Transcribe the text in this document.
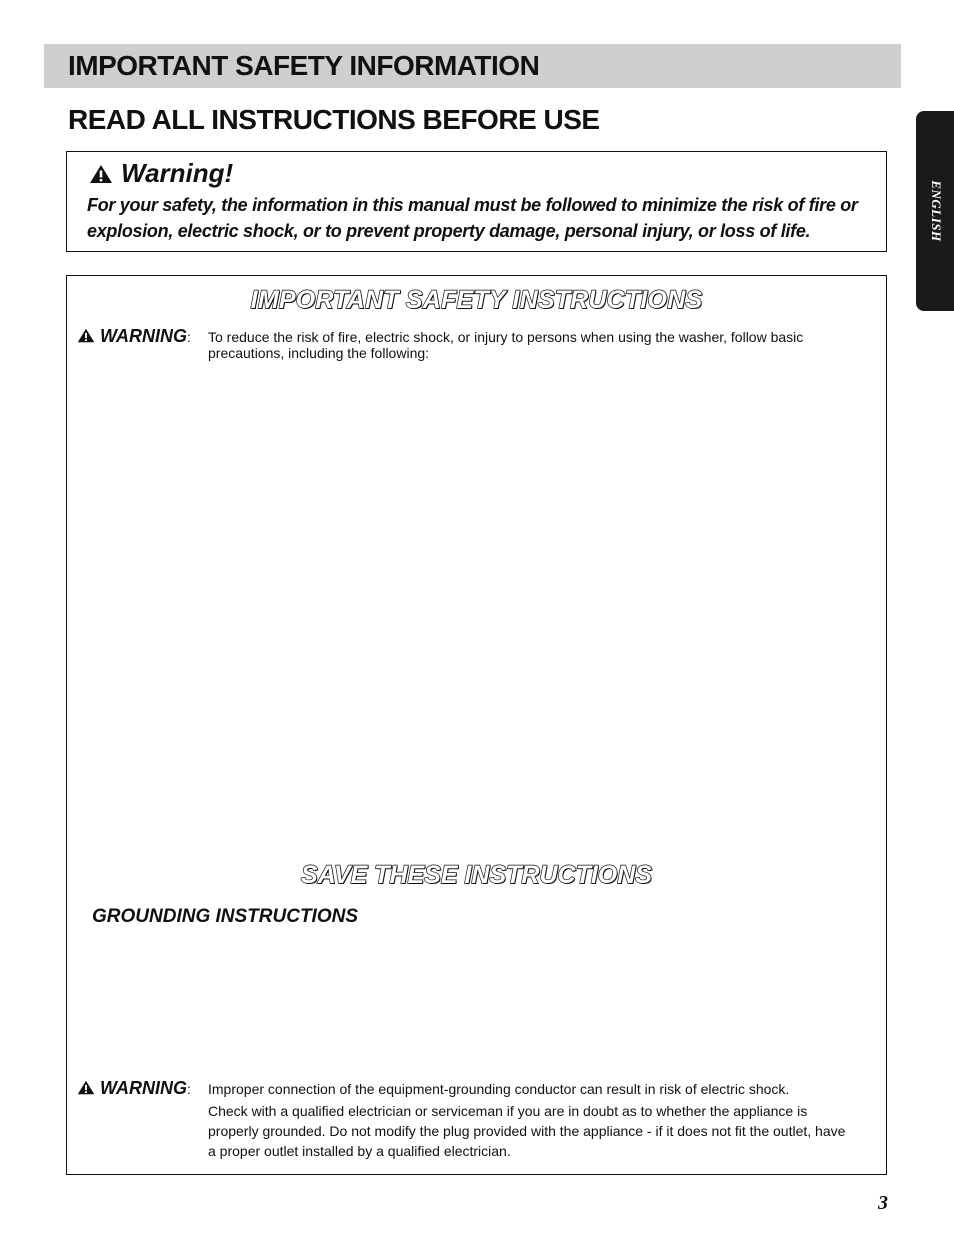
IMPORTANT SAFETY INFORMATION
READ ALL INSTRUCTIONS BEFORE USE
ENGLISH
Warning!
For your safety, the information in this manual must be followed to minimize the risk of fire or explosion, electric shock, or to prevent property damage, personal injury, or loss of life.
IMPORTANT SAFETY INSTRUCTIONS
WARNING:	To reduce the risk of fire, electric shock, or injury to persons when using the washer, follow basic precautions, including the following:
SAVE THESE INSTRUCTIONS
GROUNDING INSTRUCTIONS
WARNING:	Improper connection of the equipment-grounding conductor can result in risk of electric shock.
Check with a qualified electrician or serviceman if you are in doubt as to whether the appliance is properly grounded. Do not modify the plug provided with the appliance - if it does not fit the outlet, have a proper outlet installed by a qualified electrician.
3
